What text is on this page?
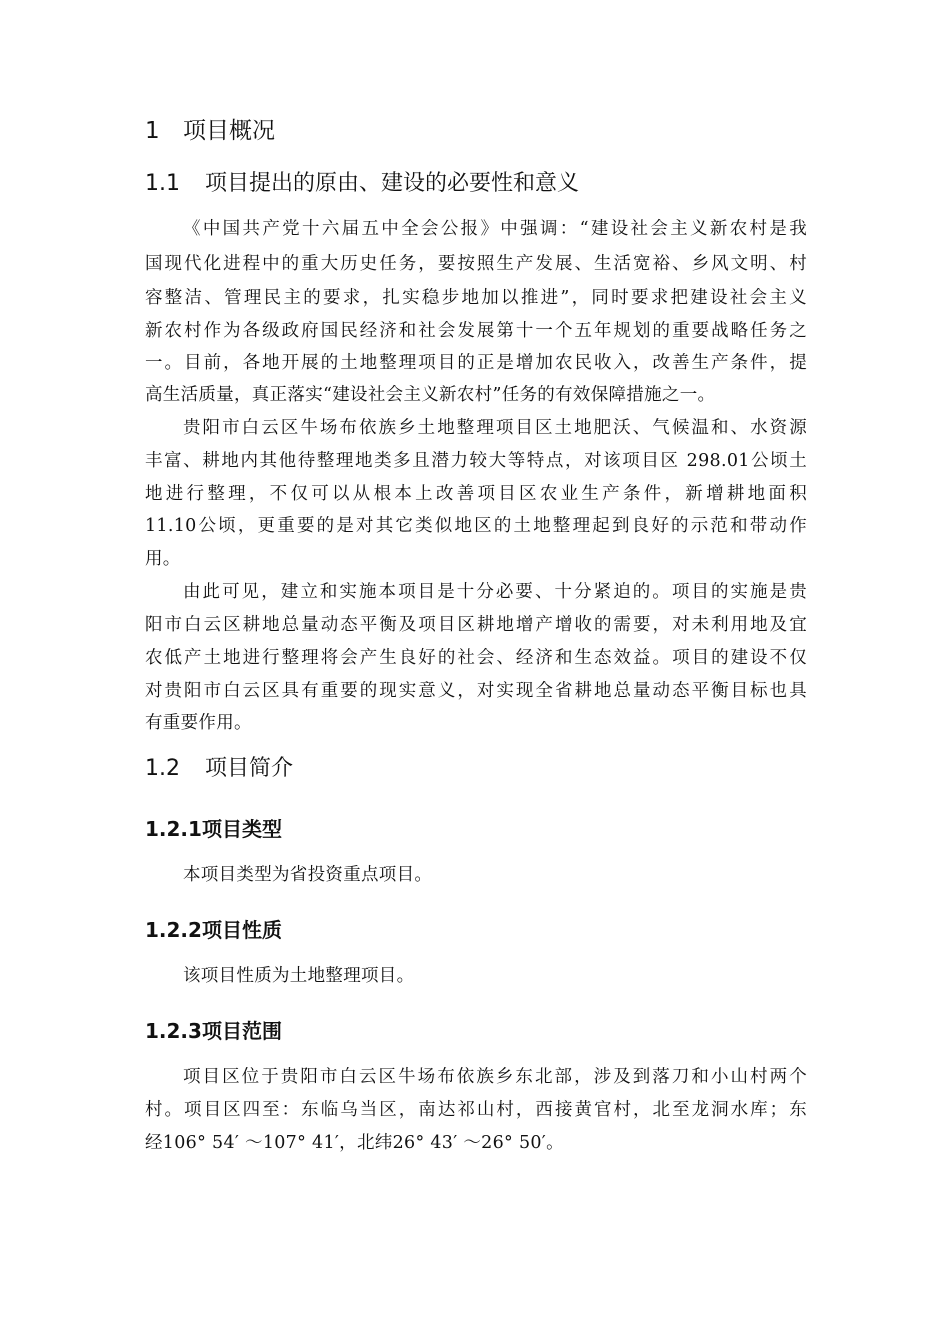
1 项目概况
1.1 项目提出的原由、建设的必要性和意义
《中国共产党十六届五中全会公报》中强调：“建设社会主义新农村是我
国现代化进程中的重大历史任务，要按照生产发展、生活宽裕、乡风文明、村
容整洁、管理民主的要求，扎实稳步地加以推进”，同时要求把建设社会主义
新农村作为各级政府国民经济和社会发展第十一个五年规划的重要战略任务之
一。目前，各地开展的土地整理项目的正是增加农民收入，改善生产条件，提
高生活质量，真正落实“建设社会主义新农村”任务的有效保障措施之一。
贵阳市白云区牛场布依族乡土地整理项目区土地肥沃、气候温和、水资源
丰富、耕地内其他待整理地类多且潜力较大等特点，对该项目区 298.01公顷土
地进行整理，不仅可以从根本上改善项目区农业生产条件，新增耕地面积
11.10公顷，更重要的是对其它类似地区的土地整理起到良好的示范和带动作
用。
由此可见，建立和实施本项目是十分必要、十分紧迫的。项目的实施是贵
阳市白云区耕地总量动态平衡及项目区耕地增产增收的需要，对未利用地及宜
农低产土地进行整理将会产生良好的社会、经济和生态效益。项目的建设不仅
对贵阳市白云区具有重要的现实意义，对实现全省耕地总量动态平衡目标也具
有重要作用。
1.2 项目简介
1.2.1项目类型
本项目类型为省投资重点项目。
1.2.2项目性质
该项目性质为土地整理项目。
1.2.3项目范围
项目区位于贵阳市白云区牛场布依族乡东北部，涉及到落刀和小山村两个
村。项目区四至：东临乌当区，南达祁山村，西接黄官村，北至龙洞水库；东
经106° 54′ ～107° 41′，北纬26° 43′ ～26° 50′。
